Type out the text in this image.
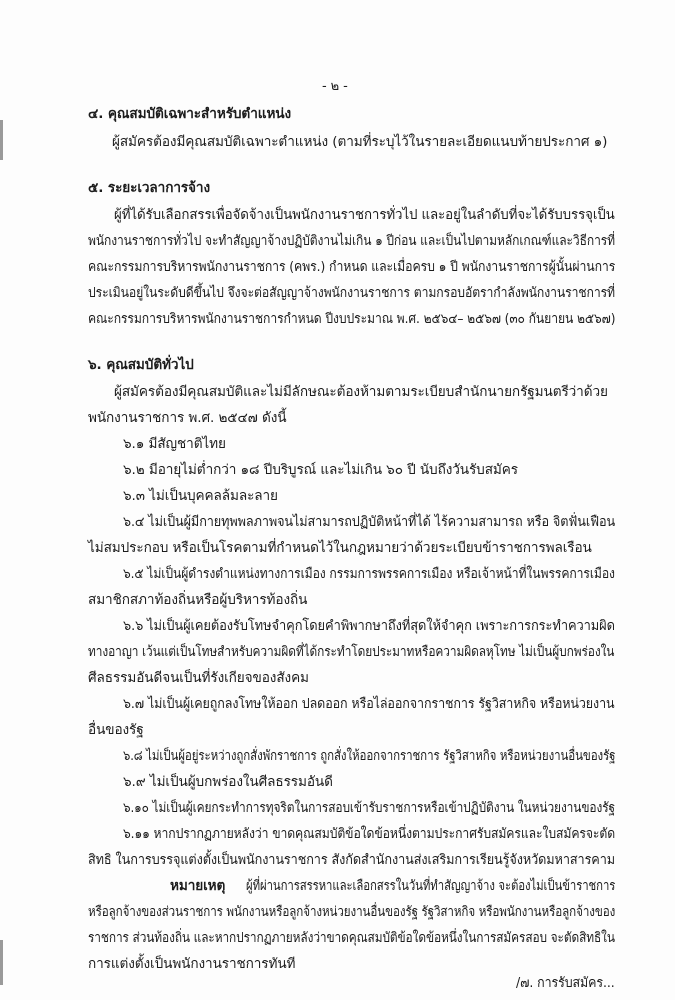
- ๒ -
๔. คุณสมบัติเฉพาะสำหรับตำแหน่ง
ผู้สมัครต้องมีคุณสมบัติเฉพาะตำแหน่ง (ตามที่ระบุไว้ในรายละเอียดแนบท้ายประกาศ ๑)
๕. ระยะเวลาการจ้าง
ผู้ที่ได้รับเลือกสรรเพื่อจัดจ้างเป็นพนักงานราชการทั่วไป และอยู่ในลำดับที่จะได้รับบรรจุเป็น
พนักงานราชการทั่วไป จะทำสัญญาจ้างปฏิบัติงานไม่เกิน ๑ ปีก่อน และเป็นไปตามหลักเกณฑ์และวิธีการที่
คณะกรรมการบริหารพนักงานราชการ (คพร.) กำหนด และเมื่อครบ ๑ ปี พนักงานราชการผู้นั้นผ่านการ
ประเมินอยู่ในระดับดีขึ้นไป จึงจะต่อสัญญาจ้างพนักงานราชการ ตามกรอบอัตรากำลังพนักงานราชการที่
คณะกรรมการบริหารพนักงานราชการกำหนด ปีงบประมาณ พ.ศ. ๒๕๖๔– ๒๕๖๗ (๓๐ กันยายน ๒๕๖๗)
๖. คุณสมบัติทั่วไป
ผู้สมัครต้องมีคุณสมบัติและไม่มีลักษณะต้องห้ามตามระเบียบสำนักนายกรัฐมนตรีว่าด้วย
พนักงานราชการ พ.ศ. ๒๕๔๗ ดังนี้
๖.๑ มีสัญชาติไทย
๖.๒ มีอายุไม่ต่ำกว่า ๑๘ ปีบริบูรณ์ และไม่เกิน ๖๐ ปี นับถึงวันรับสมัคร
๖.๓ ไม่เป็นบุคคลล้มละลาย
๖.๔ ไม่เป็นผู้มีกายทุพพลภาพจนไม่สามารถปฏิบัติหน้าที่ได้ ไร้ความสามารถ หรือ จิตฟั่นเฟือน
ไม่สมประกอบ หรือเป็นโรคตามที่กำหนดไว้ในกฎหมายว่าด้วยระเบียบข้าราชการพลเรือน
๖.๕ ไม่เป็นผู้ดำรงตำแหน่งทางการเมือง กรรมการพรรคการเมือง หรือเจ้าหน้าที่ในพรรคการเมือง
สมาชิกสภาท้องถิ่นหรือผู้บริหารท้องถิ่น
๖.๖ ไม่เป็นผู้เคยต้องรับโทษจำคุกโดยคำพิพากษาถึงที่สุดให้จำคุก เพราะการกระทำความผิด
ทางอาญา เว้นแต่เป็นโทษสำหรับความผิดที่ได้กระทำโดยประมาทหรือความผิดลหุโทษ ไม่เป็นผู้บกพร่องใน
ศีลธรรมอันดีจนเป็นที่รังเกียจของสังคม
๖.๗ ไม่เป็นผู้เคยถูกลงโทษให้ออก ปลดออก หรือไล่ออกจากราชการ รัฐวิสาหกิจ หรือหน่วยงาน
อื่นของรัฐ
๖.๘ ไม่เป็นผู้อยู่ระหว่างถูกสั่งพักราชการ ถูกสั่งให้ออกจากราชการ รัฐวิสาหกิจ หรือหน่วยงานอื่นของรัฐ
๖.๙ ไม่เป็นผู้บกพร่องในศีลธรรมอันดี
๖.๑๐ ไม่เป็นผู้เคยกระทำการทุจริตในการสอบเข้ารับราชการหรือเข้าปฏิบัติงาน ในหน่วยงานของรัฐ
๖.๑๑ หากปรากฏภายหลังว่า ขาดคุณสมบัติข้อใดข้อหนึ่งตามประกาศรับสมัครและใบสมัครจะตัด
สิทธิ ในการบรรจุแต่งตั้งเป็นพนักงานราชการ สังกัดสำนักงานส่งเสริมการเรียนรู้จังหวัดมหาสารคาม
หมายเหตุ ผู้ที่ผ่านการสรรหาและเลือกสรรในวันที่ทำสัญญาจ้าง จะต้องไม่เป็นข้าราชการ
หรือลูกจ้างของส่วนราชการ พนักงานหรือลูกจ้างหน่วยงานอื่นของรัฐ รัฐวิสาหกิจ หรือพนักงานหรือลูกจ้างของ
ราชการ ส่วนท้องถิ่น และหากปรากฏภายหลังว่าขาดคุณสมบัติข้อใดข้อหนึ่งในการสมัครสอบ จะตัดสิทธิใน
การแต่งตั้งเป็นพนักงานราชการทันที
/๗. การรับสมัคร...
